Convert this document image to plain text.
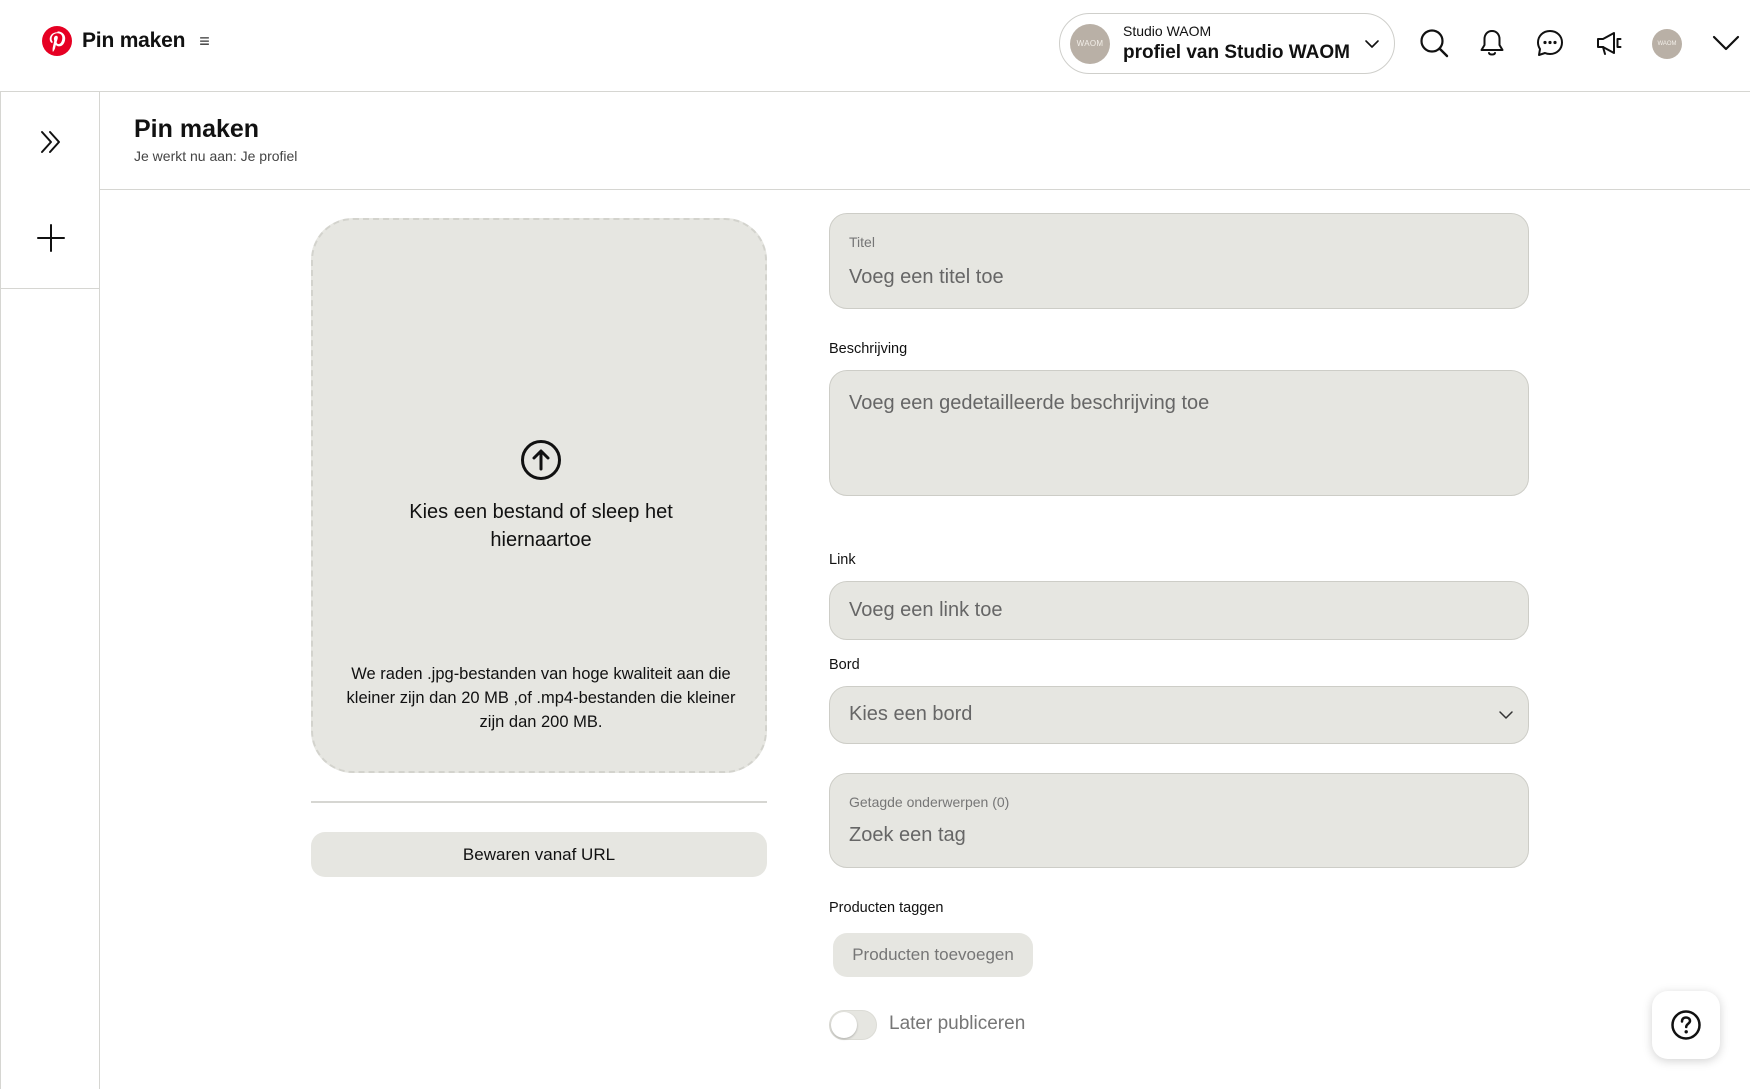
Pin maken ≡	WAOM
Studio WAOM
profiel van Studio WAOM	WAOM
Pin maken
Je werkt nu aan: Je profiel
Kies een bestand of sleep het hiernaartoe
We raden .jpg-bestanden van hoge kwaliteit aan die kleiner zijn dan 20 MB ,of .mp4-bestanden die kleiner zijn dan 200 MB.
Bewaren vanaf URL
Titel
Voeg een titel toe
Beschrijving
Voeg een gedetailleerde beschrijving toe
Link
Voeg een link toe
Bord
Kies een bord
Getagde onderwerpen (0)
Zoek een tag
Producten taggen
Producten toevoegen
Later publiceren
